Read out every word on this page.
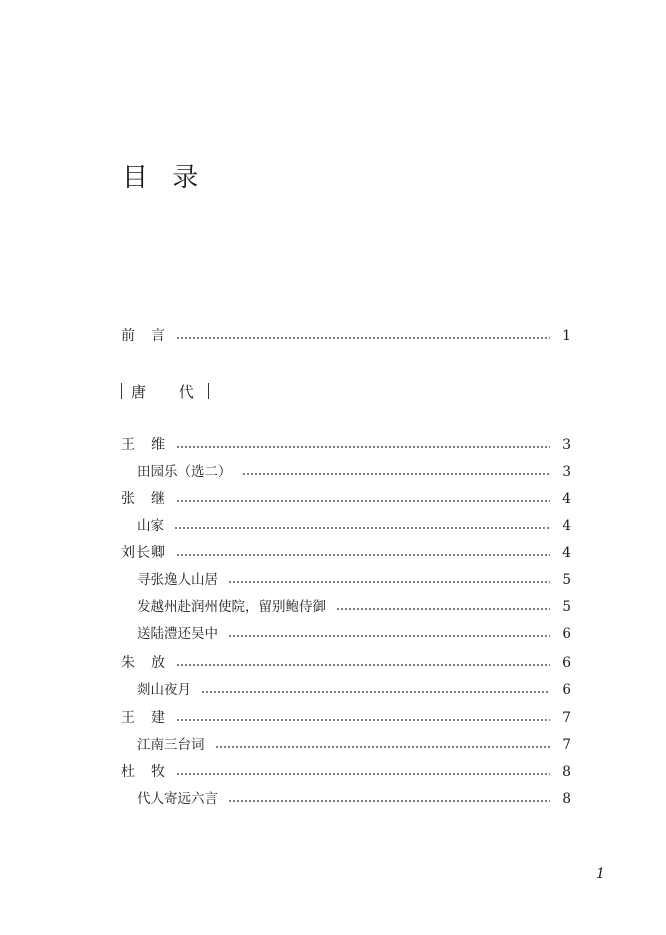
目 录
前　言	1
唐 代
王　维	3
田园乐（选二）	3
张　继	4
山家	4
刘长卿	4
寻张逸人山居	5
发越州赴润州使院，留别鲍侍御	5
送陆澧还吴中	6
朱　放	6
剡山夜月	6
王　建	7
江南三台词	7
杜　牧	8
代人寄远六言	8
1
